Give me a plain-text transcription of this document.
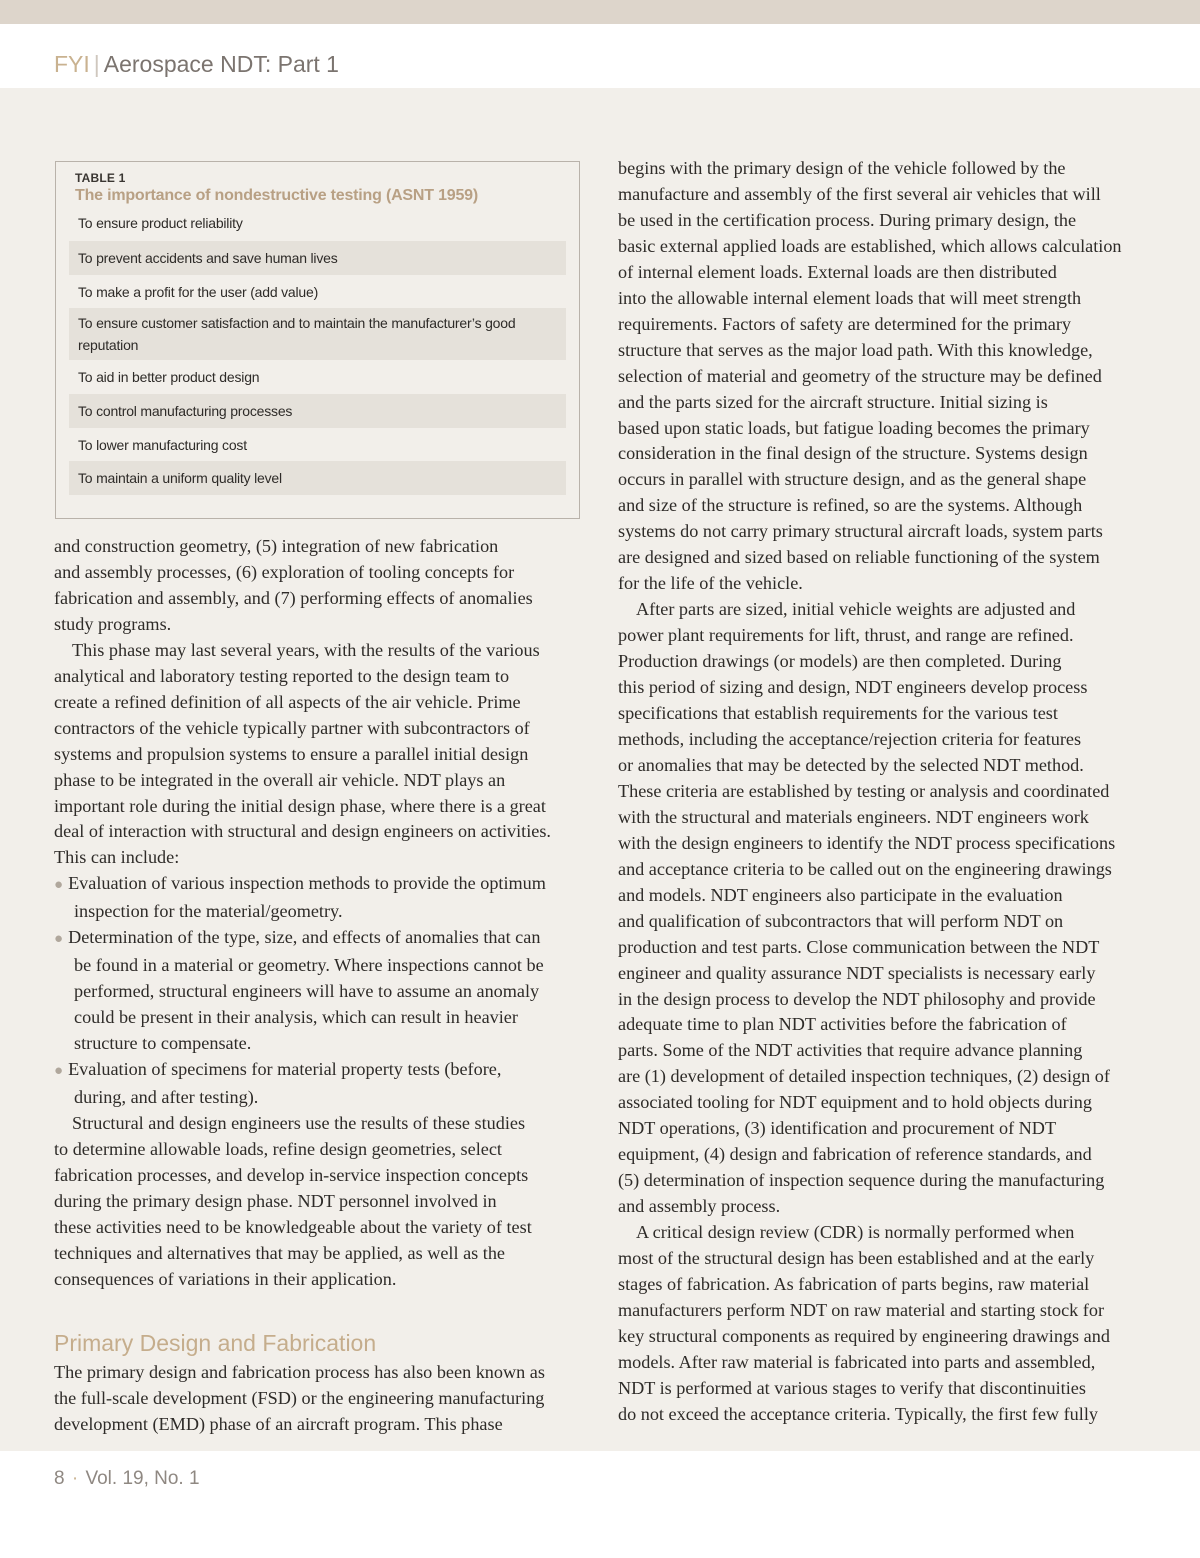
FYI | Aerospace NDT: Part 1
TABLE 1
The importance of nondestructive testing (ASNT 1959)
To ensure product reliability
To prevent accidents and save human lives
To make a profit for the user (add value)
To ensure customer satisfaction and to maintain the manufacturer’s good
reputation
To aid in better product design
To control manufacturing processes
To lower manufacturing cost
To maintain a uniform quality level

and construction geometry, (5) integration of new fabrication

and assembly processes, (6) exploration of tooling concepts for

fabrication and assembly, and (7) performing effects of anomalies

study programs.

This phase may last several years, with the results of the various

analytical and laboratory testing reported to the design team to

create a refined definition of all aspects of the air vehicle. Prime

contractors of the vehicle typically partner with subcontractors of

systems and propulsion systems to ensure a parallel initial design

phase to be integrated in the overall air vehicle. NDT plays an

important role during the initial design phase, where there is a great

deal of interaction with structural and design engineers on activities.

This can include:

● Evaluation of various inspection methods to provide the optimum

inspection for the material/geometry.

● Determination of the type, size, and effects of anomalies that can

be found in a material or geometry. Where inspections cannot be

performed, structural engineers will have to assume an anomaly

could be present in their analysis, which can result in heavier

structure to compensate.

● Evaluation of specimens for material property tests (before,

during, and after testing).

Structural and design engineers use the results of these studies

to determine allowable loads, refine design geometries, select

fabrication processes, and develop in-service inspection concepts

during the primary design phase. NDT personnel involved in

these activities need to be knowledgeable about the variety of test

techniques and alternatives that may be applied, as well as the

consequences of variations in their application.

Primary Design and Fabrication

The primary design and fabrication process has also been known as

the full-scale development (FSD) or the engineering manufacturing

development (EMD) phase of an aircraft program. This phase

begins with the primary design of the vehicle followed by the

manufacture and assembly of the first several air vehicles that will

be used in the certification process. During primary design, the

basic external applied loads are established, which allows calculation

of internal element loads. External loads are then distributed

into the allowable internal element loads that will meet strength

requirements. Factors of safety are determined for the primary

structure that serves as the major load path. With this knowledge,

selection of material and geometry of the structure may be defined

and the parts sized for the aircraft structure. Initial sizing is

based upon static loads, but fatigue loading becomes the primary

consideration in the final design of the structure. Systems design

occurs in parallel with structure design, and as the general shape

and size of the structure is refined, so are the systems. Although

systems do not carry primary structural aircraft loads, system parts

are designed and sized based on reliable functioning of the system

for the life of the vehicle.

After parts are sized, initial vehicle weights are adjusted and

power plant requirements for lift, thrust, and range are refined.

Production drawings (or models) are then completed. During

this period of sizing and design, NDT engineers develop process

specifications that establish requirements for the various test

methods, including the acceptance/rejection criteria for features

or anomalies that may be detected by the selected NDT method.

These criteria are established by testing or analysis and coordinated

with the structural and materials engineers. NDT engineers work

with the design engineers to identify the NDT process specifications

and acceptance criteria to be called out on the engineering drawings

and models. NDT engineers also participate in the evaluation

and qualification of subcontractors that will perform NDT on

production and test parts. Close communication between the NDT

engineer and quality assurance NDT specialists is necessary early

in the design process to develop the NDT philosophy and provide

adequate time to plan NDT activities before the fabrication of

parts. Some of the NDT activities that require advance planning

are (1) development of detailed inspection techniques, (2) design of

associated tooling for NDT equipment and to hold objects during

NDT operations, (3) identification and procurement of NDT

equipment, (4) design and fabrication of reference standards, and

(5) determination of inspection sequence during the manufacturing

and assembly process.

A critical design review (CDR) is normally performed when

most of the structural design has been established and at the early

stages of fabrication. As fabrication of parts begins, raw material

manufacturers perform NDT on raw material and starting stock for

key structural components as required by engineering drawings and

models. After raw material is fabricated into parts and assembled,

NDT is performed at various stages to verify that discontinuities

do not exceed the acceptance criteria. Typically, the first few fully

8 · Vol. 19, No. 1
